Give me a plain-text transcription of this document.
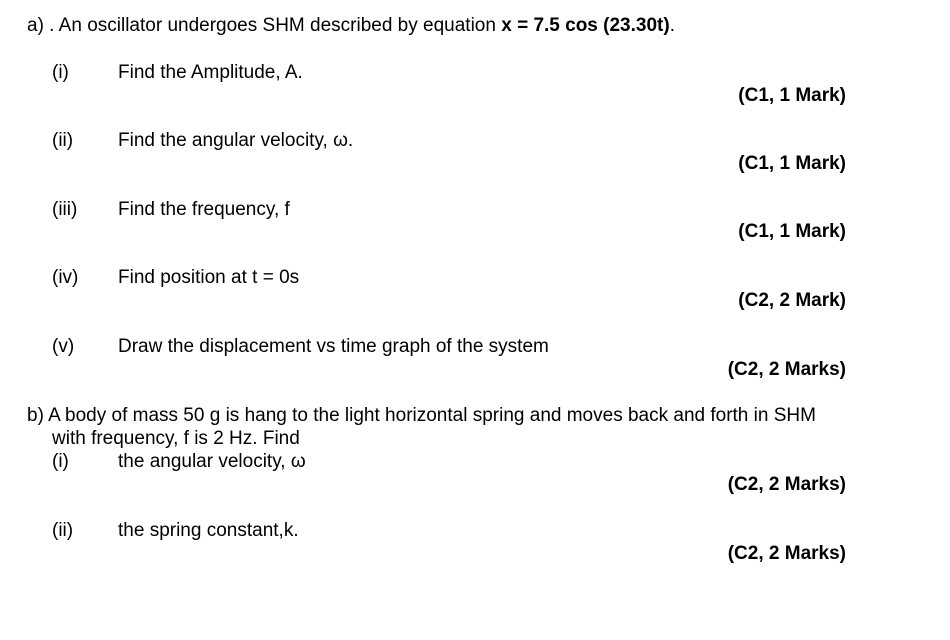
a) . An oscillator undergoes SHM described by equation x = 7.5 cos (23.30t).
(i)	Find the Amplitude, A.
(C1, 1 Mark)
(ii) Find the angular velocity, ω.
(C1, 1 Mark)
(iii) Find the frequency, f
(C1, 1 Mark)
(iv) Find position at t = 0s
(C2, 2 Mark)
(v) Draw the displacement vs time graph of the system
(C2, 2 Marks)
b) A body of mass 50 g is hang to the light horizontal spring and moves back and forth in SHM
with frequency, f is 2 Hz. Find
(i)	the angular velocity, ω
(C2, 2 Marks)
(ii) the spring constant,k.
(C2, 2 Marks)
